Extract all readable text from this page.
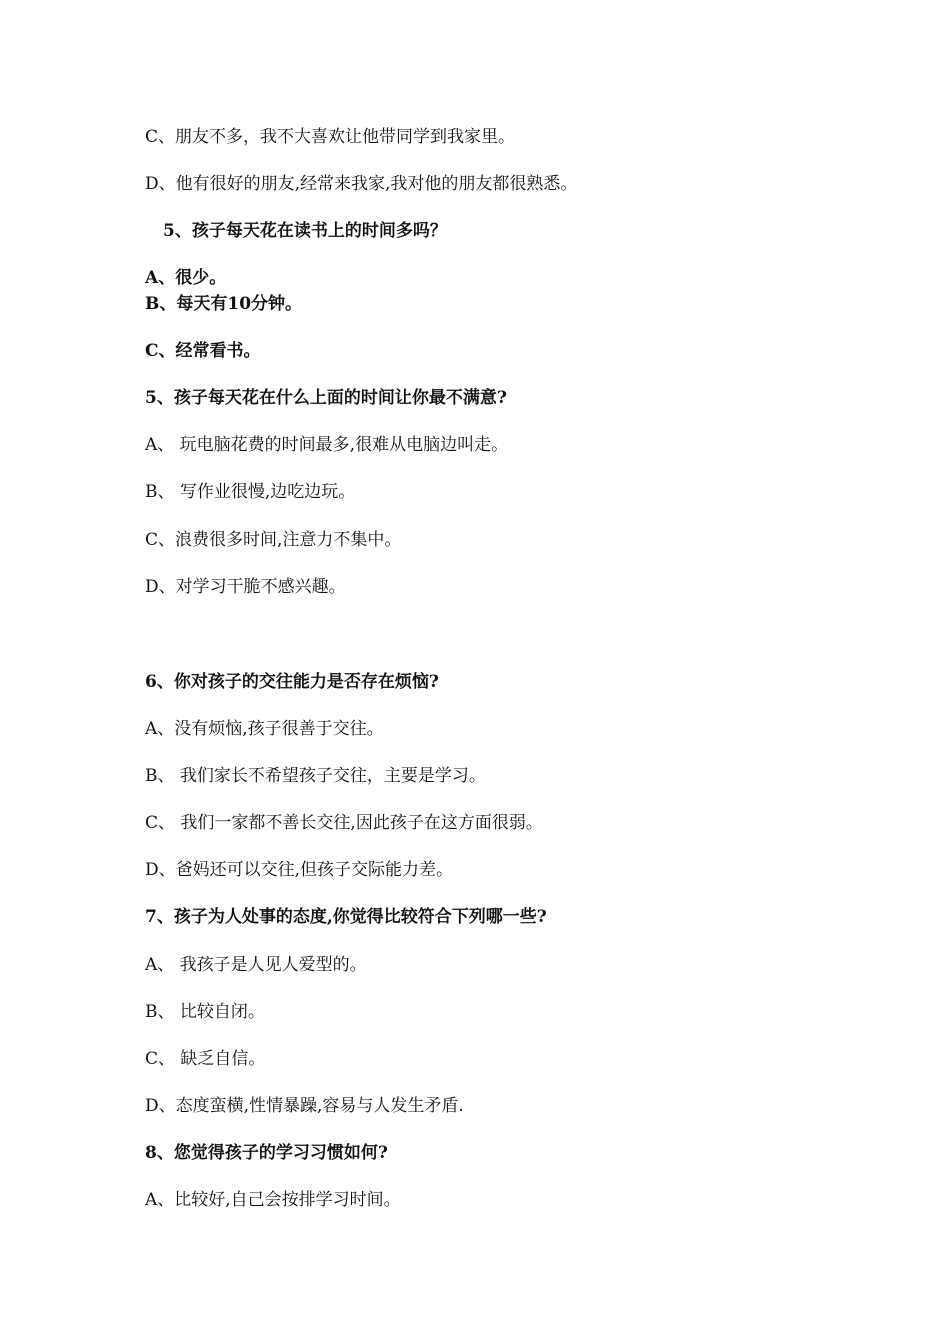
C、朋友不多，我不大喜欢让他带同学到我家里。
D、他有很好的朋友,经常来我家,我对他的朋友都很熟悉。
5、孩子每天花在读书上的时间多吗？
A、很少。
B、每天有10分钟。
C、经常看书。
5、孩子每天花在什么上面的时间让你最不满意?
A、 玩电脑花费的时间最多,很难从电脑边叫走。
B、 写作业很慢,边吃边玩。
C、浪费很多时间,注意力不集中。
D、对学习干脆不感兴趣。
6、你对孩子的交往能力是否存在烦恼?
A、没有烦恼,孩子很善于交往。
B、 我们家长不希望孩子交往，主要是学习。
C、 我们一家都不善长交往,因此孩子在这方面很弱。
D、爸妈还可以交往,但孩子交际能力差。
7、孩子为人处事的态度,你觉得比较符合下列哪一些?
A、 我孩子是人见人爱型的。
B、 比较自闭。
C、 缺乏自信。
D、态度蛮横,性情暴躁,容易与人发生矛盾.
8、您觉得孩子的学习习惯如何?
A、比较好,自己会按排学习时间。
